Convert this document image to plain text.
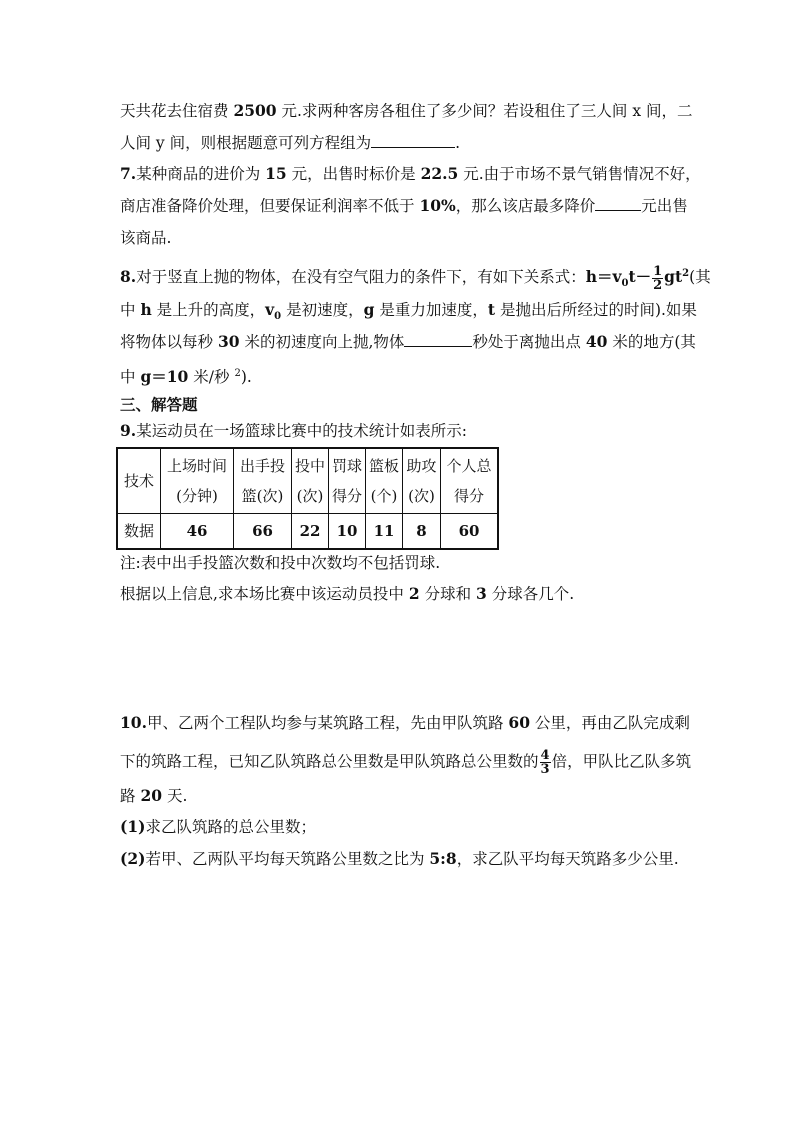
天共花去住宿费 2500 元.求两种客房各租住了多少间？若设租住了三人间 x 间，二
人间 y 间，则根据题意可列方程组为	.
7.某种商品的进价为 15 元，出售时标价是 22.5 元.由于市场不景气销售情况不好，
商店准备降价处理，但要保证利润率不低于 10%，那么该店最多降价	元出售
该商品.
8.对于竖直上抛的物体，在没有空气阻力的条件下，有如下关系式：$h=v_0t- \frac{1}{2} gt^2$(其
中 h 是上升的高度，$v_0$ 是初速度，g 是重力加速度，t 是抛出后所经过的时间).如果
将物体以每秒 30 米的初速度向上抛,物体	秒处于离抛出点 40 米的地方(其
中 g＝10 米/秒 $^2$).
三、解答题
9.某运动员在一场篮球比赛中的技术统计如表所示:
技术	上场时间(分钟)	出手投篮(次)	投中(次)	罚球得分	篮板(个)	助攻(次)	个人总得分

数据	46	66	22	10	11	8	60
注:表中出手投篮次数和投中次数均不包括罚球.
根据以上信息,求本场比赛中该运动员投中 2 分球和 3 分球各几个.
10.甲、乙两个工程队均参与某筑路工程，先由甲队筑路 60 公里，再由乙队完成剩
下的筑路工程，已知乙队筑路总公里数是甲队筑路总公里数的 $\frac{4}{3}$ 倍，甲队比乙队多筑
路 20 天.
(1)求乙队筑路的总公里数；
(2)若甲、乙两队平均每天筑路公里数之比为 5:8，求乙队平均每天筑路多少公里.
